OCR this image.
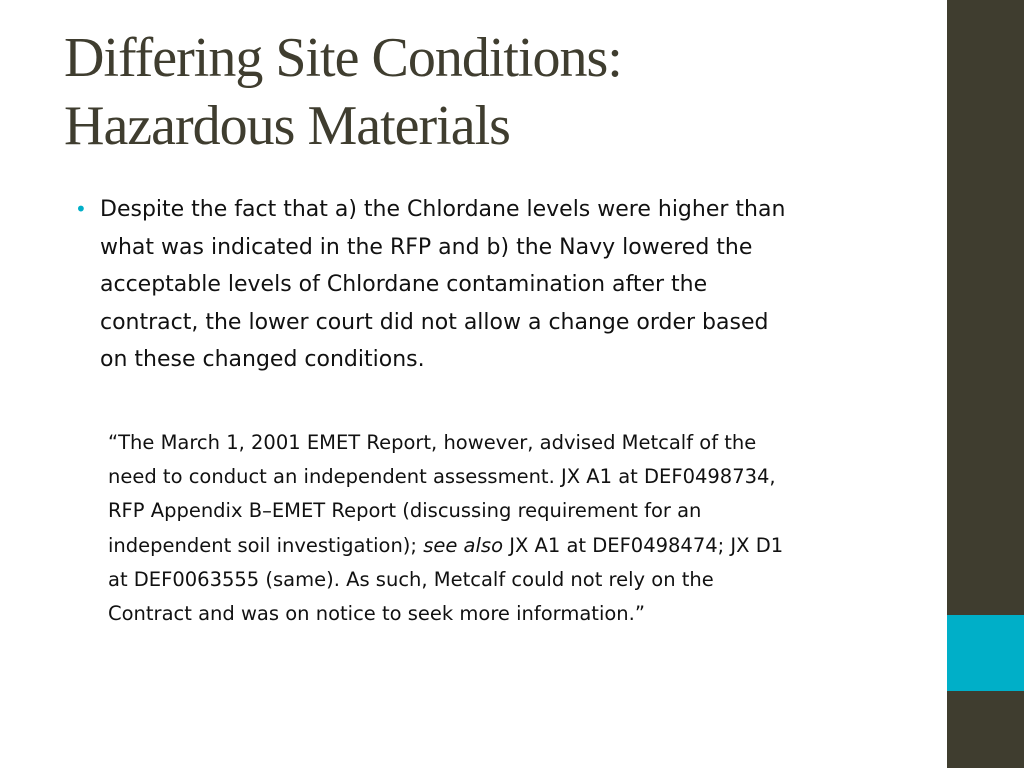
Differing Site Conditions:
Hazardous Materials
• Despite the fact that a) the Chlordane levels were higher than
what was indicated in the RFP and b) the Navy lowered the
acceptable levels of Chlordane contamination after the
contract, the lower court did not allow a change order based
on these changed conditions.
“The March 1, 2001 EMET Report, however, advised Metcalf of the
need to conduct an independent assessment. JX A1 at DEF0498734,
RFP Appendix B–EMET Report (discussing requirement for an
independent soil investigation); see also JX A1 at DEF0498474; JX D1
at DEF0063555 (same). As such, Metcalf could not rely on the
Contract and was on notice to seek more information.”
